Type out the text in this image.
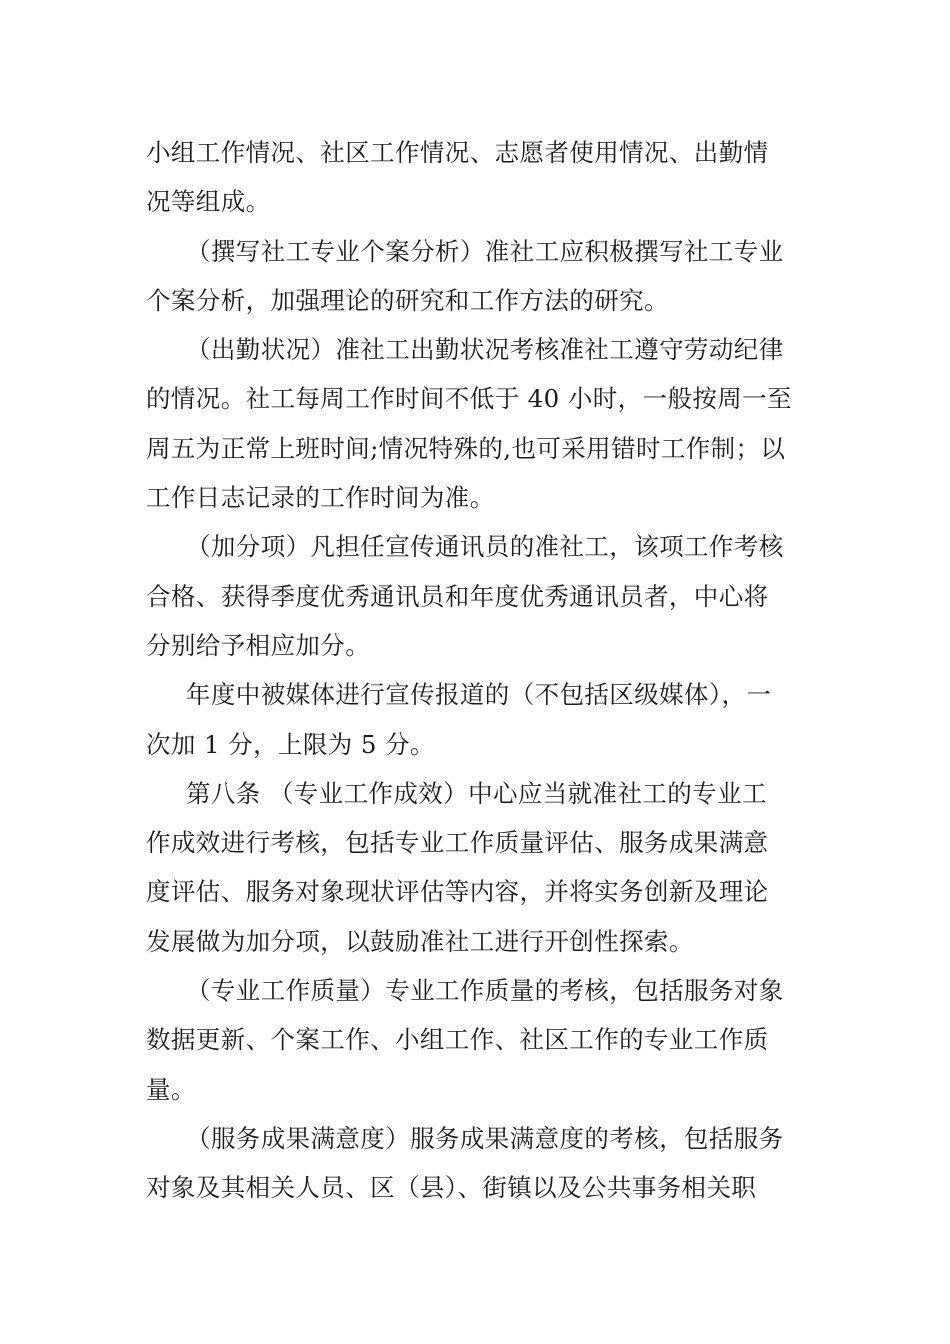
小组工作情况、社区工作情况、志愿者使用情况、出勤情
况等组成。
（撰写社工专业个案分析）准社工应积极撰写社工专业
个案分析，加强理论的研究和工作方法的研究。
（出勤状况）准社工出勤状况考核准社工遵守劳动纪律
的情况。社工每周工作时间不低于 40 小时，一般按周一至
周五为正常上班时间;情况特殊的,也可采用错时工作制；以
工作日志记录的工作时间为准。
（加分项）凡担任宣传通讯员的准社工，该项工作考核
合格、获得季度优秀通讯员和年度优秀通讯员者，中心将
分别给予相应加分。
年度中被媒体进行宣传报道的（不包括区级媒体），一
次加 1 分，上限为 5 分。
第八条 （专业工作成效）中心应当就准社工的专业工
作成效进行考核，包括专业工作质量评估、服务成果满意
度评估、服务对象现状评估等内容，并将实务创新及理论
发展做为加分项，以鼓励准社工进行开创性探索。
（专业工作质量）专业工作质量的考核，包括服务对象
数据更新、个案工作、小组工作、社区工作的专业工作质
量。
（服务成果满意度）服务成果满意度的考核，包括服务
对象及其相关人员、区（县）、街镇以及公共事务相关职
